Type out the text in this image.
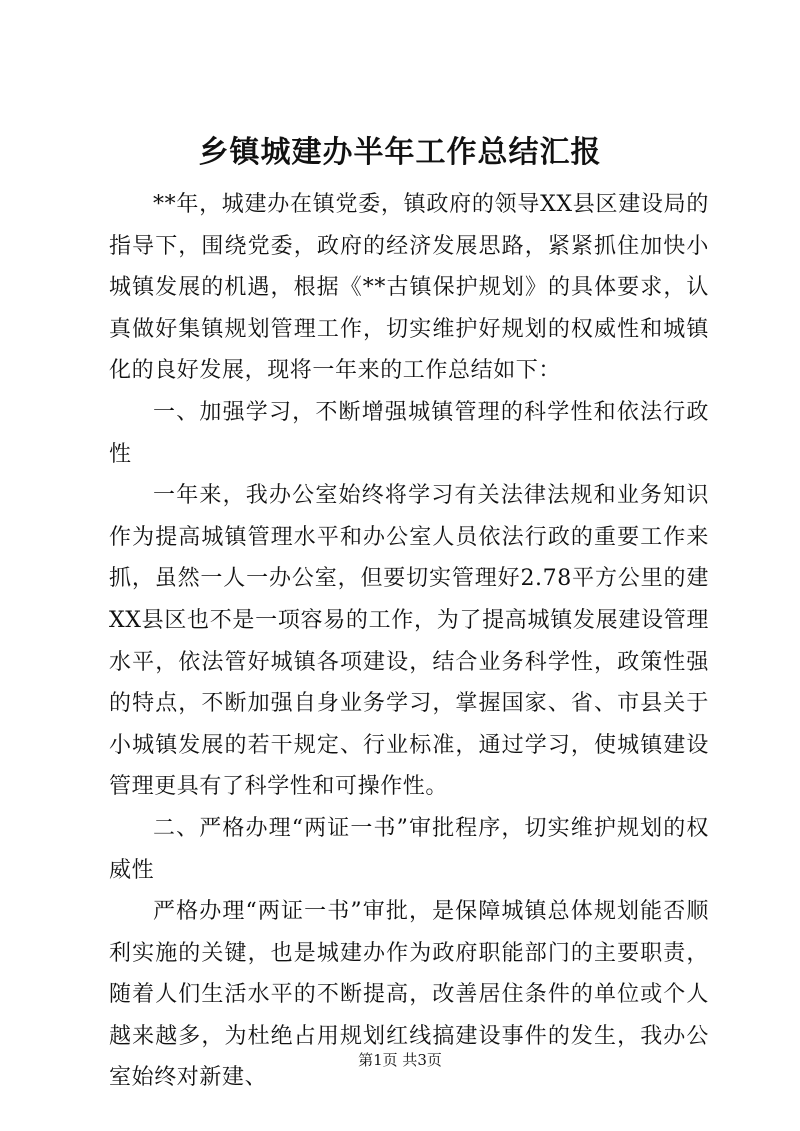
乡镇城建办半年工作总结汇报

**年，城建办在镇党委，镇政府的领导XX县区建设局的指导下，围绕党委，政府的经济发展思路，紧紧抓住加快小城镇发展的机遇，根据《**古镇保护规划》的具体要求，认真做好集镇规划管理工作，切实维护好规划的权威性和城镇化的良好发展，现将一年来的工作总结如下：

一、加强学习，不断增强城镇管理的科学性和依法行政性

一年来，我办公室始终将学习有关法律法规和业务知识作为提高城镇管理水平和办公室人员依法行政的重要工作来抓，虽然一人一办公室，但要切实管理好2.78平方公里的建XX县区也不是一项容易的工作，为了提高城镇发展建设管理水平，依法管好城镇各项建设，结合业务科学性，政策性强的特点，不断加强自身业务学习，掌握国家、省、市县关于小城镇发展的若干规定、行业标准，通过学习，使城镇建设管理更具有了科学性和可操作性。

二、严格办理“两证一书”审批程序，切实维护规划的权威性

严格办理“两证一书”审批，是保障城镇总体规划能否顺利实施的关键，也是城建办作为政府职能部门的主要职责，随着人们生活水平的不断提高，改善居住条件的单位或个人越来越多，为杜绝占用规划红线搞建设事件的发生，我办公室始终对新建、

第1页 共3页
